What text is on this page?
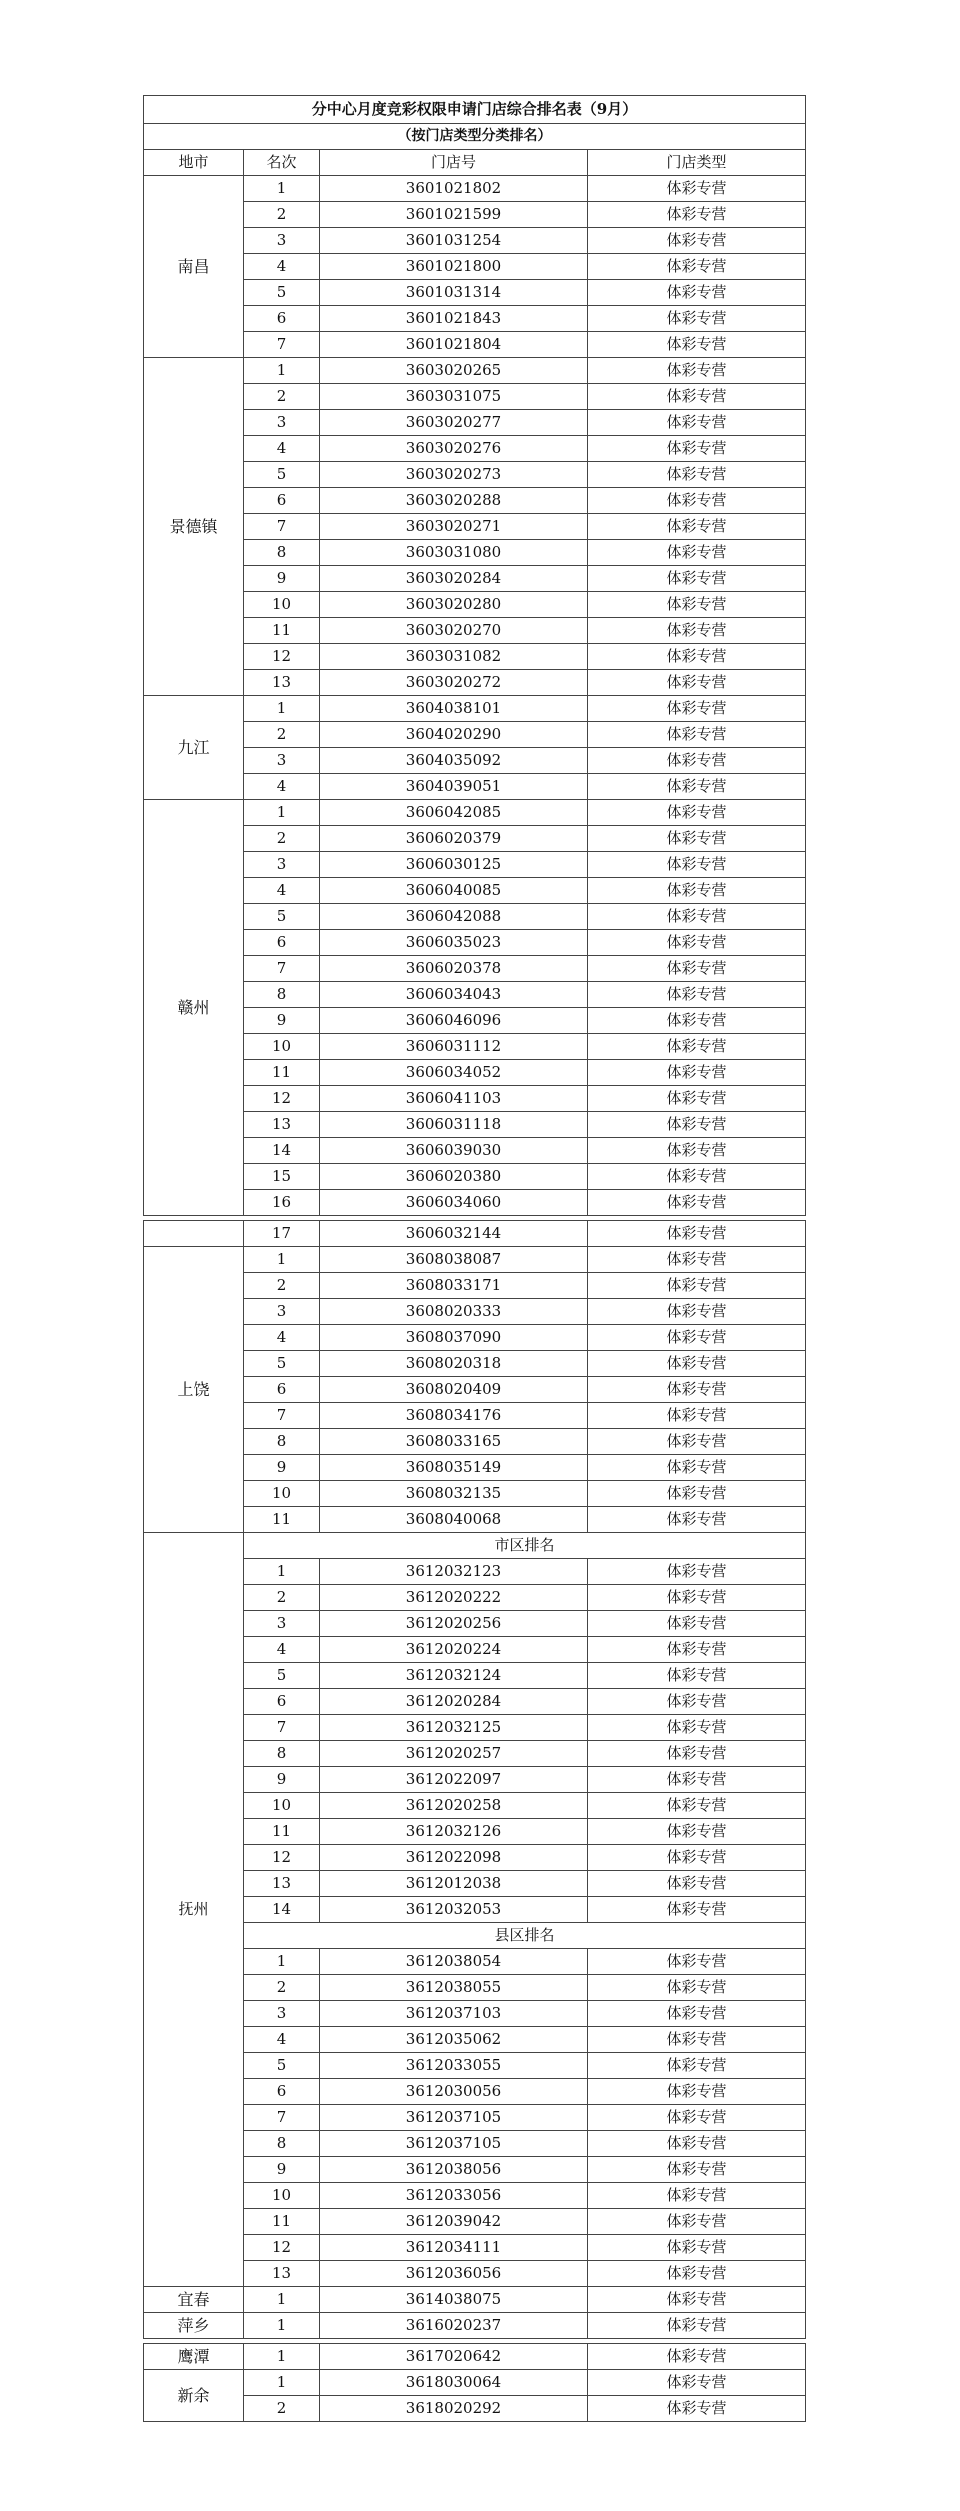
分中心月度竞彩权限申请门店综合排名表（9月）			
（按门店类型分类排名）			
地市	名次	门店号	门店类型
南昌	1	3601021802	体彩专营
	2	3601021599	体彩专营
	3	3601031254	体彩专营
	4	3601021800	体彩专营
	5	3601031314	体彩专营
	6	3601021843	体彩专营
	7	3601021804	体彩专营
景德镇	1	3603020265	体彩专营
	2	3603031075	体彩专营
	3	3603020277	体彩专营
	4	3603020276	体彩专营
	5	3603020273	体彩专营
	6	3603020288	体彩专营
	7	3603020271	体彩专营
	8	3603031080	体彩专营
	9	3603020284	体彩专营
	10	3603020280	体彩专营
	11	3603020270	体彩专营
	12	3603031082	体彩专营
	13	3603020272	体彩专营
九江	1	3604038101	体彩专营
	2	3604020290	体彩专营
	3	3604035092	体彩专营
	4	3604039051	体彩专营
赣州	1	3606042085	体彩专营
	2	3606020379	体彩专营
	3	3606030125	体彩专营
	4	3606040085	体彩专营
	5	3606042088	体彩专营
	6	3606035023	体彩专营
	7	3606020378	体彩专营
	8	3606034043	体彩专营
	9	3606046096	体彩专营
	10	3606031112	体彩专营
	11	3606034052	体彩专营
	12	3606041103	体彩专营
	13	3606031118	体彩专营
	14	3606039030	体彩专营
	15	3606020380	体彩专营
	16	3606034060	体彩专营

	17	3606032144	体彩专营
上饶	1	3608038087	体彩专营
	2	3608033171	体彩专营
	3	3608020333	体彩专营
	4	3608037090	体彩专营
	5	3608020318	体彩专营
	6	3608020409	体彩专营
	7	3608034176	体彩专营
	8	3608033165	体彩专营
	9	3608035149	体彩专营
	10	3608032135	体彩专营
	11	3608040068	体彩专营
抚州	市区排名		
	1	3612032123	体彩专营
	2	3612020222	体彩专营
	3	3612020256	体彩专营
	4	3612020224	体彩专营
	5	3612032124	体彩专营
	6	3612020284	体彩专营
	7	3612032125	体彩专营
	8	3612020257	体彩专营
	9	3612022097	体彩专营
	10	3612020258	体彩专营
	11	3612032126	体彩专营
	12	3612022098	体彩专营
	13	3612012038	体彩专营
	14	3612032053	体彩专营
	县区排名		
	1	3612038054	体彩专营
	2	3612038055	体彩专营
	3	3612037103	体彩专营
	4	3612035062	体彩专营
	5	3612033055	体彩专营
	6	3612030056	体彩专营
	7	3612037105	体彩专营
	8	3612037105	体彩专营
	9	3612038056	体彩专营
	10	3612033056	体彩专营
	11	3612039042	体彩专营
	12	3612034111	体彩专营
	13	3612036056	体彩专营
宜春	1	3614038075	体彩专营
萍乡	1	3616020237	体彩专营

鹰潭	1	3617020642	体彩专营
新余	1	3618030064	体彩专营
	2	3618020292	体彩专营
